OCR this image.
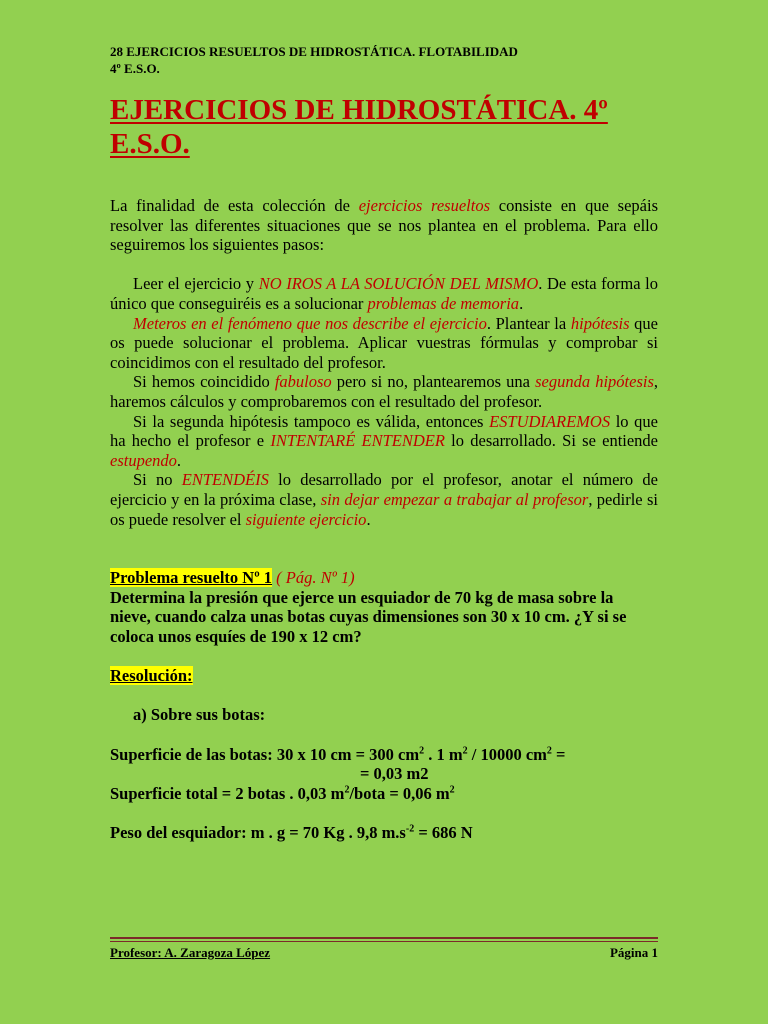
28 EJERCICIOS RESUELTOS DE HIDROSTÁTICA. FLOTABILIDAD
4º E.S.O.
EJERCICIOS DE HIDROSTÁTICA. 4º E.S.O.

La finalidad de esta colección de ejercicios resueltos consiste en que sepáis resolver las diferentes situaciones que se nos plantea en el problema. Para ello seguiremos los siguientes pasos:

Leer el ejercicio y NO IROS A LA SOLUCIÓN DEL MISMO. De esta forma lo único que conseguiréis es a solucionar problemas de memoria.

Meteros en el fenómeno que nos describe el ejercicio. Plantear la hipótesis que os puede solucionar el problema. Aplicar vuestras fórmulas y comprobar si coincidimos con el resultado del profesor.

Si hemos coincidido fabuloso pero si no, plantearemos una segunda hipótesis, haremos cálculos y comprobaremos con el resultado del profesor.

Si la segunda hipótesis tampoco es válida, entonces ESTUDIAREMOS lo que ha hecho el profesor e INTENTARÉ ENTENDER lo desarrollado. Si se entiende estupendo.

Si no ENTENDÉIS lo desarrollado por el profesor, anotar el número de ejercicio y en la próxima clase, sin dejar empezar a trabajar al profesor, pedirle si os puede resolver el siguiente ejercicio.

Problema resuelto Nº 1 ( Pág. Nº 1)

Determina la presión que ejerce un esquiador de 70 kg de masa sobre la nieve, cuando calza unas botas cuyas dimensiones son 30 x 10 cm. ¿Y si se coloca unos esquíes de 190 x 12 cm?

Resolución:

a) Sobre sus botas:

Superficie de las botas: 30 x 10 cm = 300 $cm^2$ . 1 $m^2 / 10000$ $cm^2$ =

= 0,03 m2

Superficie total = 2 botas . 0,03 $m^2$/bota = 0,06 $m^2$

Peso del esquiador: m . g = 70 Kg . 9,8 $m.s^{-2} = 686$ N

Profesor: A. Zaragoza López	Página 1
